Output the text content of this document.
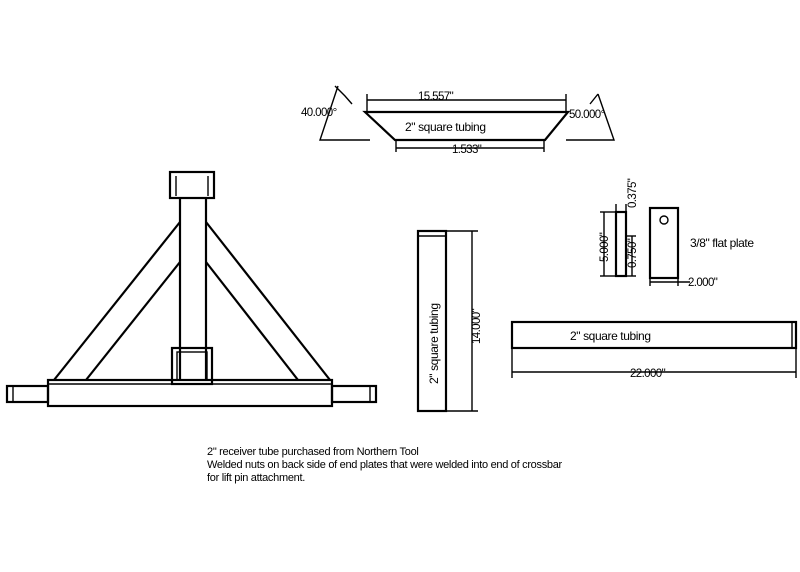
15.557"
1.533"
40.000°	50.000°
2" square tubing
2" square tubing	14.000"
5.000" 0.750"
0.375"
2.000"
3/8" flat plate
2" square tubing
22.000"
2" receiver tube purchased from Northern Tool
Welded nuts on back side of end plates that were welded into end of crossbar
for lift pin attachment.
